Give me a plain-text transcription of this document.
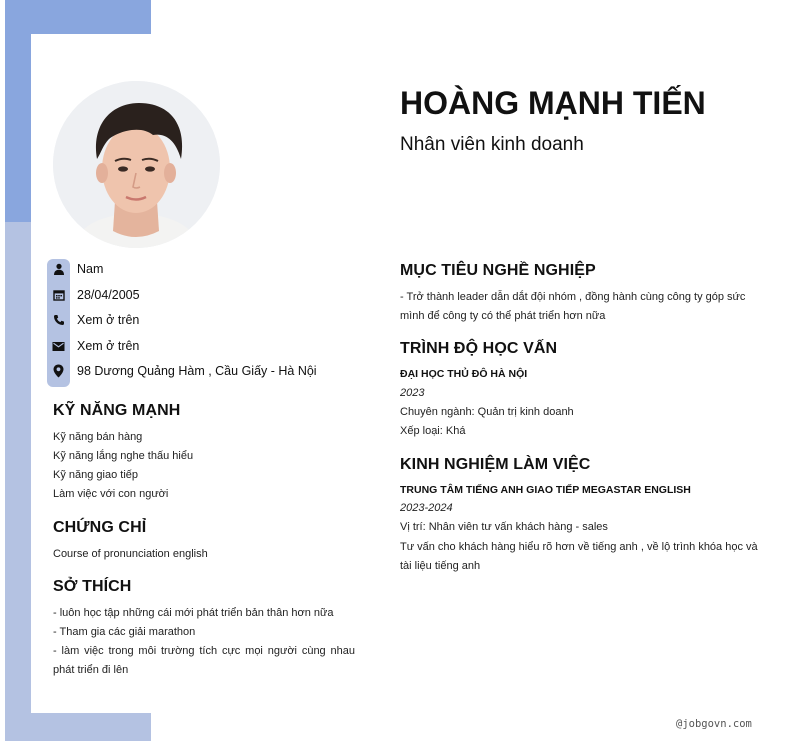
HOÀNG MẠNH TIẾN
Nhân viên kinh doanh
Nam
28/04/2005
Xem ở trên
Xem ở trên
98 Dương Quảng Hàm , Cầu Giấy - Hà Nội
KỸ NĂNG MẠNH
Kỹ năng bán hàng
Kỹ năng lắng nghe thấu hiểu
Kỹ năng giao tiếp
Làm việc với con người
CHỨNG CHỈ
Course of pronunciation english
SỞ THÍCH
- luôn học tập những cái mới phát triển bản thân hơn nữa
- Tham gia các giải marathon
- làm việc trong môi trường tích cực mọi người cùng nhau phát triển đi lên
MỤC TIÊU NGHỀ NGHIỆP
- Trở thành leader dẫn dắt đội nhóm , đồng hành cùng công ty góp sức mình để công ty có thể phát triển hơn nữa
TRÌNH ĐỘ HỌC VẤN
ĐẠI HỌC THỦ ĐÔ HÀ NỘI
2023
Chuyên ngành: Quản trị kinh doanh
Xếp loại: Khá
KINH NGHIỆM LÀM VIỆC
TRUNG TÂM TIẾNG ANH GIAO TIẾP MEGASTAR ENGLISH
2023-2024
Vị trí: Nhân viên tư vấn khách hàng - sales
Tư vấn cho khách hàng hiểu rõ hơn về tiếng anh , về lộ trình khóa học và tài liệu tiếng anh
@jobgovn.com
